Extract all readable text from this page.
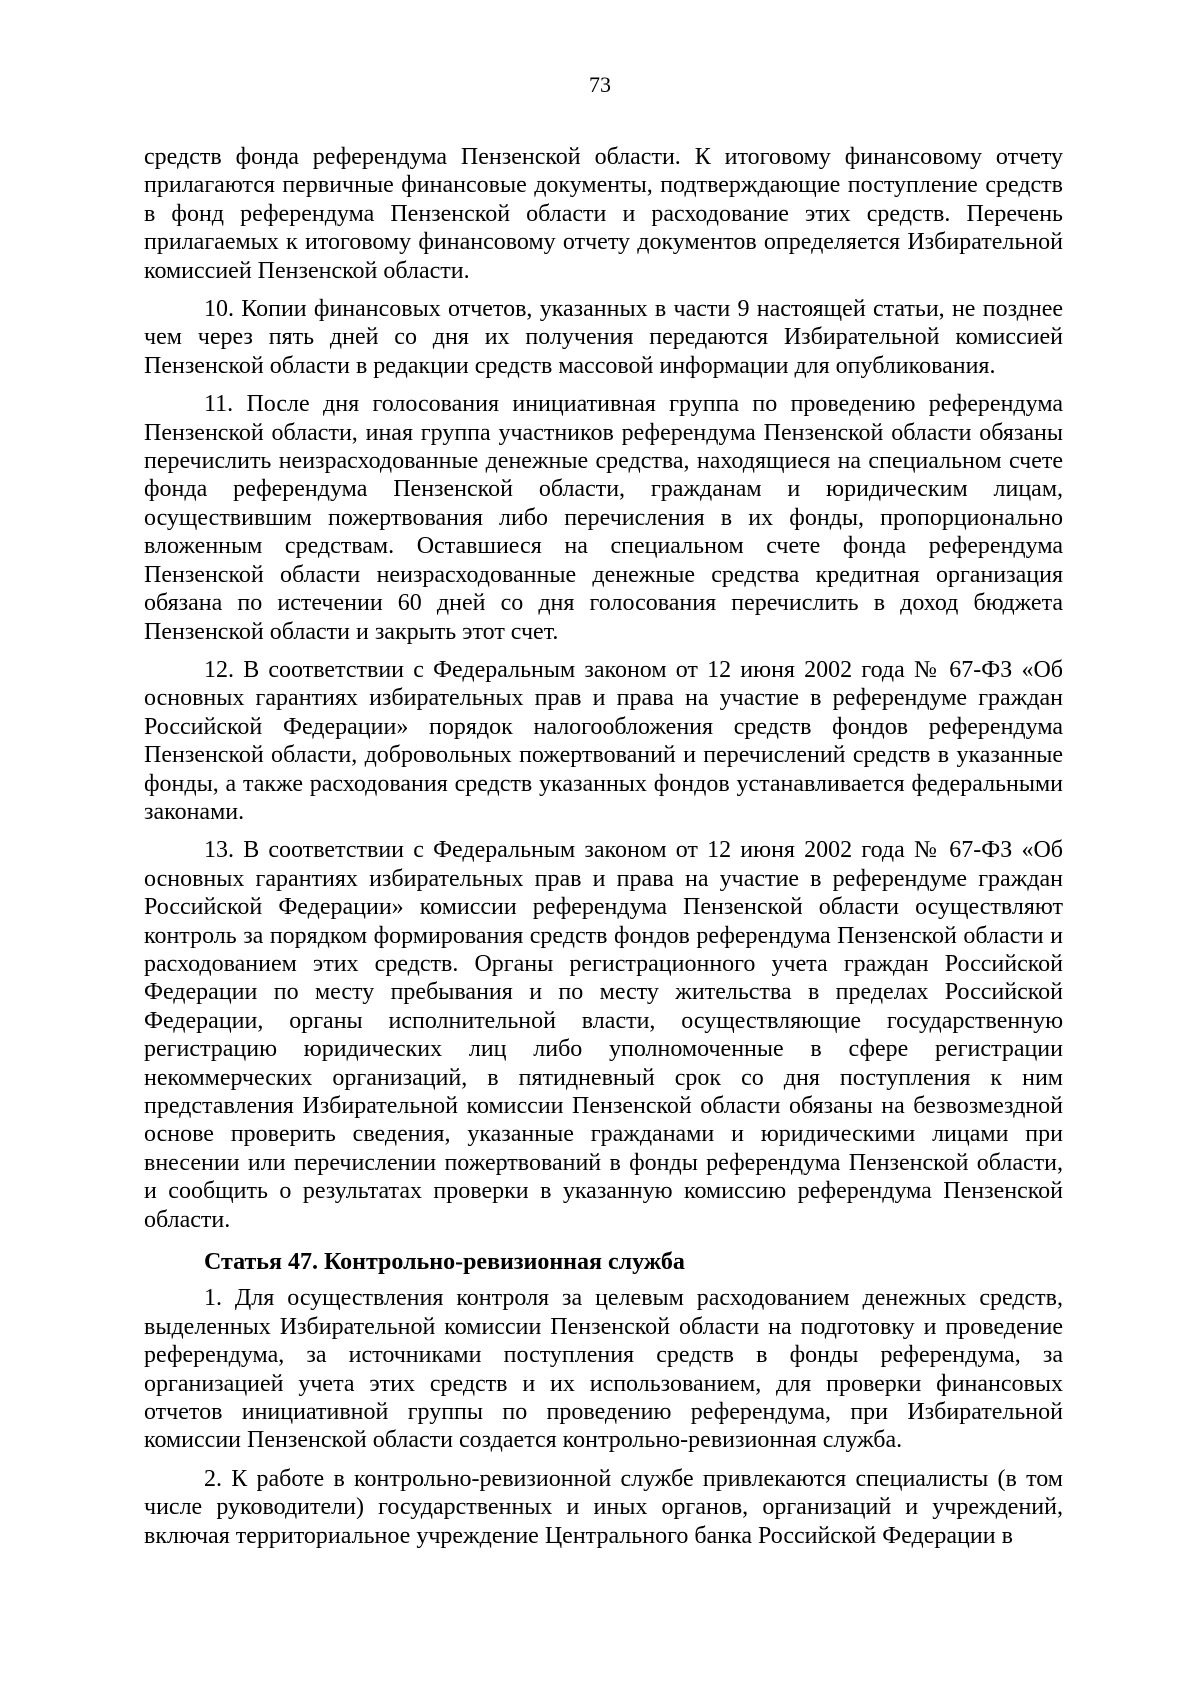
73

средств фонда референдума Пензенской области. К итоговому финансовому отчету прилагаются первичные финансовые документы, подтверждающие поступление средств в фонд референдума Пензенской области и расходование этих средств. Перечень прилагаемых к итоговому финансовому отчету документов определяется Избирательной комиссией Пензенской области.

10. Копии финансовых отчетов, указанных в части 9 настоящей статьи, не позднее чем через пять дней со дня их получения передаются Избирательной комиссией Пензенской области в редакции средств массовой информации для опубликования.

11. После дня голосования инициативная группа по проведению референдума Пензенской области, иная группа участников референдума Пензенской области обязаны перечислить неизрасходованные денежные средства, находящиеся на специальном счете фонда референдума Пензенской области, гражданам и юридическим лицам, осуществившим пожертвования либо перечисления в их фонды, пропорционально вложенным средствам. Оставшиеся на специальном счете фонда референдума Пензенской области неизрасходованные денежные средства кредитная организация обязана по истечении 60 дней со дня голосования перечислить в доход бюджета Пензенской области и закрыть этот счет.

12. В соответствии с Федеральным законом от 12 июня 2002 года № 67-ФЗ «Об основных гарантиях избирательных прав и права на участие в референдуме граждан Российской Федерации» порядок налогообложения средств фондов референдума Пензенской области, добровольных пожертвований и перечислений средств в указанные фонды, а также расходования средств указанных фондов устанавливается федеральными законами.

13. В соответствии с Федеральным законом от 12 июня 2002 года № 67-ФЗ «Об основных гарантиях избирательных прав и права на участие в референдуме граждан Российской Федерации» комиссии референдума Пензенской области осуществляют контроль за порядком формирования средств фондов референдума Пензенской области и расходованием этих средств. Органы регистрационного учета граждан Российской Федерации по месту пребывания и по месту жительства в пределах Российской Федерации, органы исполнительной власти, осуществляющие государственную регистрацию юридических лиц либо уполномоченные в сфере регистрации некоммерческих организаций, в пятидневный срок со дня поступления к ним представления Избирательной комиссии Пензенской области обязаны на безвозмездной основе проверить сведения, указанные гражданами и юридическими лицами при внесении или перечислении пожертвований в фонды референдума Пензенской области, и сообщить о результатах проверки в указанную комиссию референдума Пензенской области.

Статья 47. Контрольно-ревизионная служба

1. Для осуществления контроля за целевым расходованием денежных средств, выделенных Избирательной комиссии Пензенской области на подготовку и проведение референдума, за источниками поступления средств в фонды референдума, за организацией учета этих средств и их использованием, для проверки финансовых отчетов инициативной группы по проведению референдума, при Избирательной комиссии Пензенской области создается контрольно-ревизионная служба.

2. К работе в контрольно-ревизионной службе привлекаются специалисты (в том числе руководители) государственных и иных органов, организаций и учреждений, включая территориальное учреждение Центрального банка Российской Федерации в
